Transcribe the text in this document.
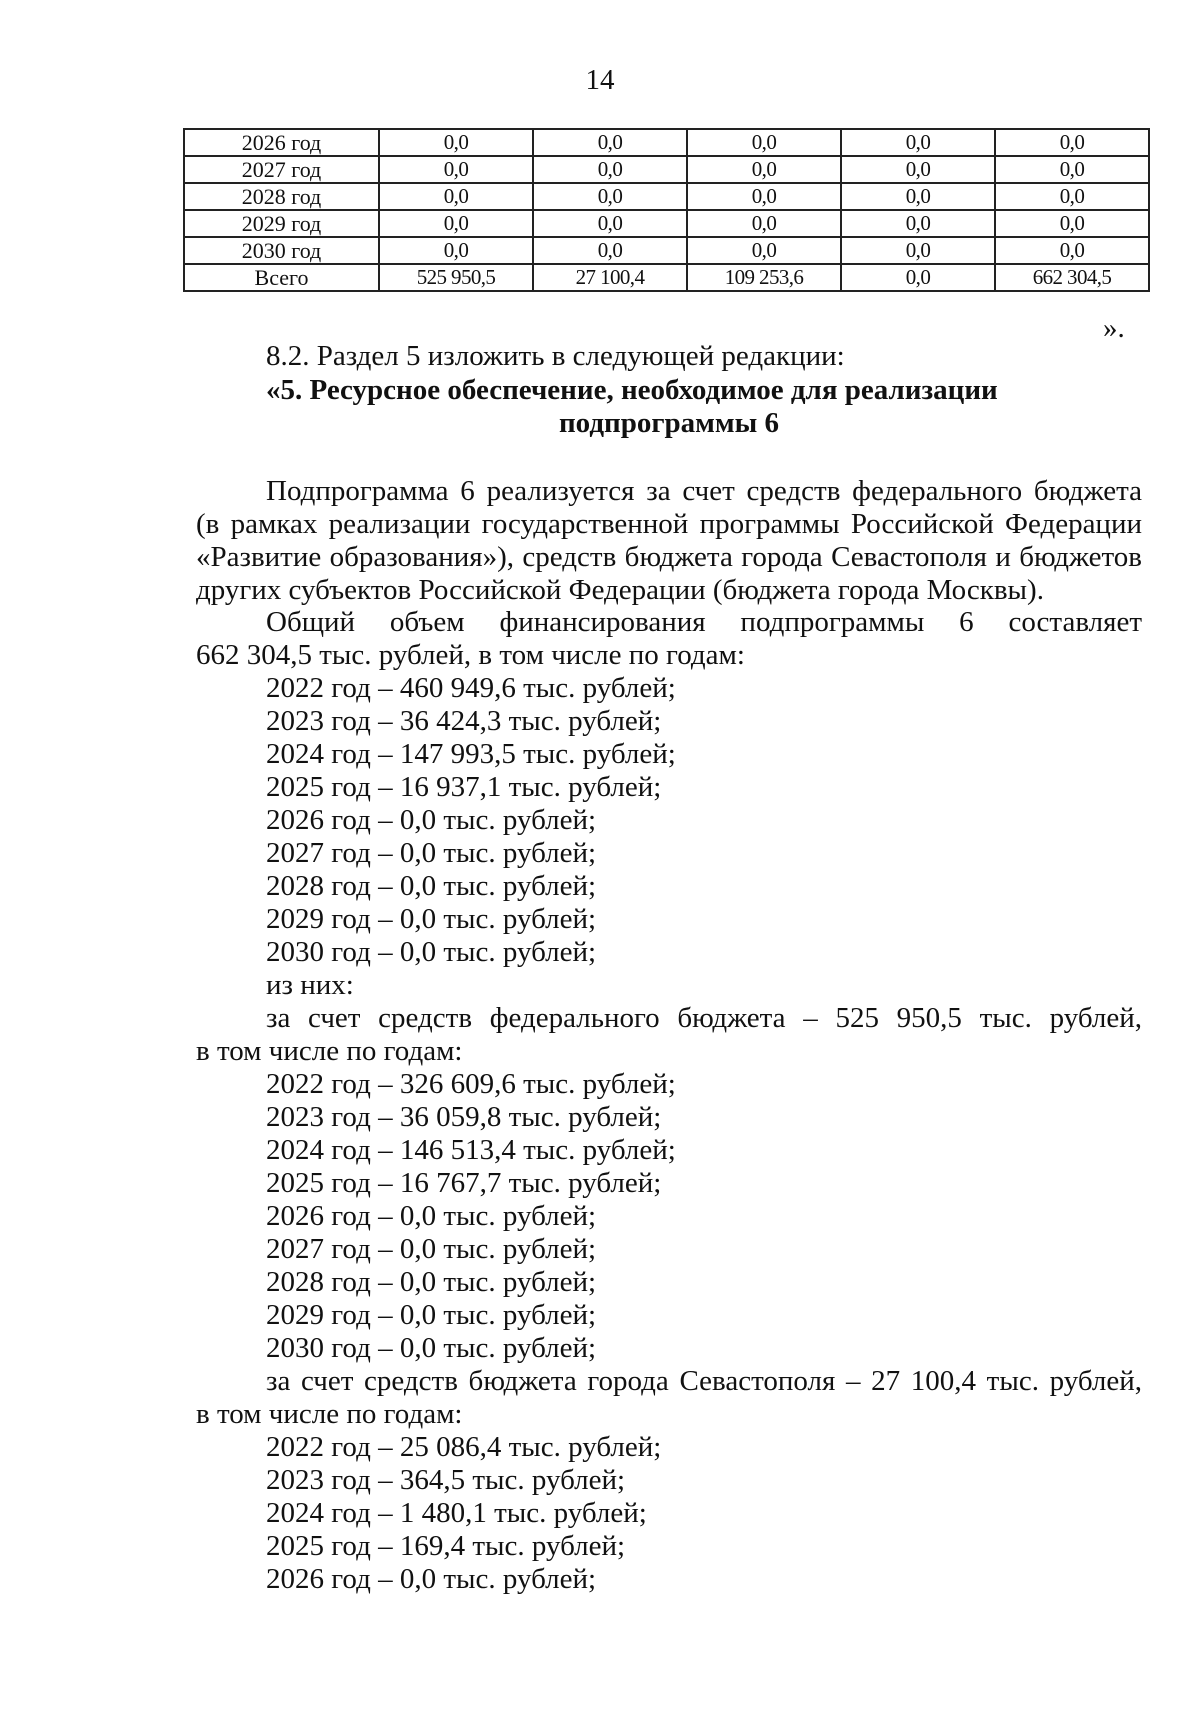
14
2026 год	0,0	0,0	0,0	0,0	0,0
2027 год	0,0	0,0	0,0	0,0	0,0
2028 год	0,0	0,0	0,0	0,0	0,0
2029 год	0,0	0,0	0,0	0,0	0,0
2030 год	0,0	0,0	0,0	0,0	0,0
Всего	525 950,5	27 100,4	109 253,6	0,0	662 304,5
».
8.2. Раздел 5 изложить в следующей редакции:
«5. Ресурсное обеспечение, необходимое для реализации
подпрограммы 6
Подпрограмма 6 реализуется за счет средств федерального бюджета
(в рамках реализации государственной программы Российской Федерации
«Развитие образования»), средств бюджета города Севастополя и бюджетов
других субъектов Российской Федерации (бюджета города Москвы).
Общий объем финансирования подпрограммы 6 составляет
662 304,5 тыс. рублей, в том числе по годам:
2022 год – 460 949,6 тыс. рублей;
2023 год – 36 424,3 тыс. рублей;
2024 год – 147 993,5 тыс. рублей;
2025 год – 16 937,1 тыс. рублей;
2026 год – 0,0 тыс. рублей;
2027 год – 0,0 тыс. рублей;
2028 год – 0,0 тыс. рублей;
2029 год – 0,0 тыс. рублей;
2030 год – 0,0 тыс. рублей;
из них:
за счет средств федерального бюджета – 525 950,5 тыс. рублей,
в том числе по годам:
2022 год – 326 609,6 тыс. рублей;
2023 год – 36 059,8 тыс. рублей;
2024 год – 146 513,4 тыс. рублей;
2025 год – 16 767,7 тыс. рублей;
2026 год – 0,0 тыс. рублей;
2027 год – 0,0 тыс. рублей;
2028 год – 0,0 тыс. рублей;
2029 год – 0,0 тыс. рублей;
2030 год – 0,0 тыс. рублей;
за счет средств бюджета города Севастополя – 27 100,4 тыс. рублей,
в том числе по годам:
2022 год – 25 086,4 тыс. рублей;
2023 год – 364,5 тыс. рублей;
2024 год – 1 480,1 тыс. рублей;
2025 год – 169,4 тыс. рублей;
2026 год – 0,0 тыс. рублей;
